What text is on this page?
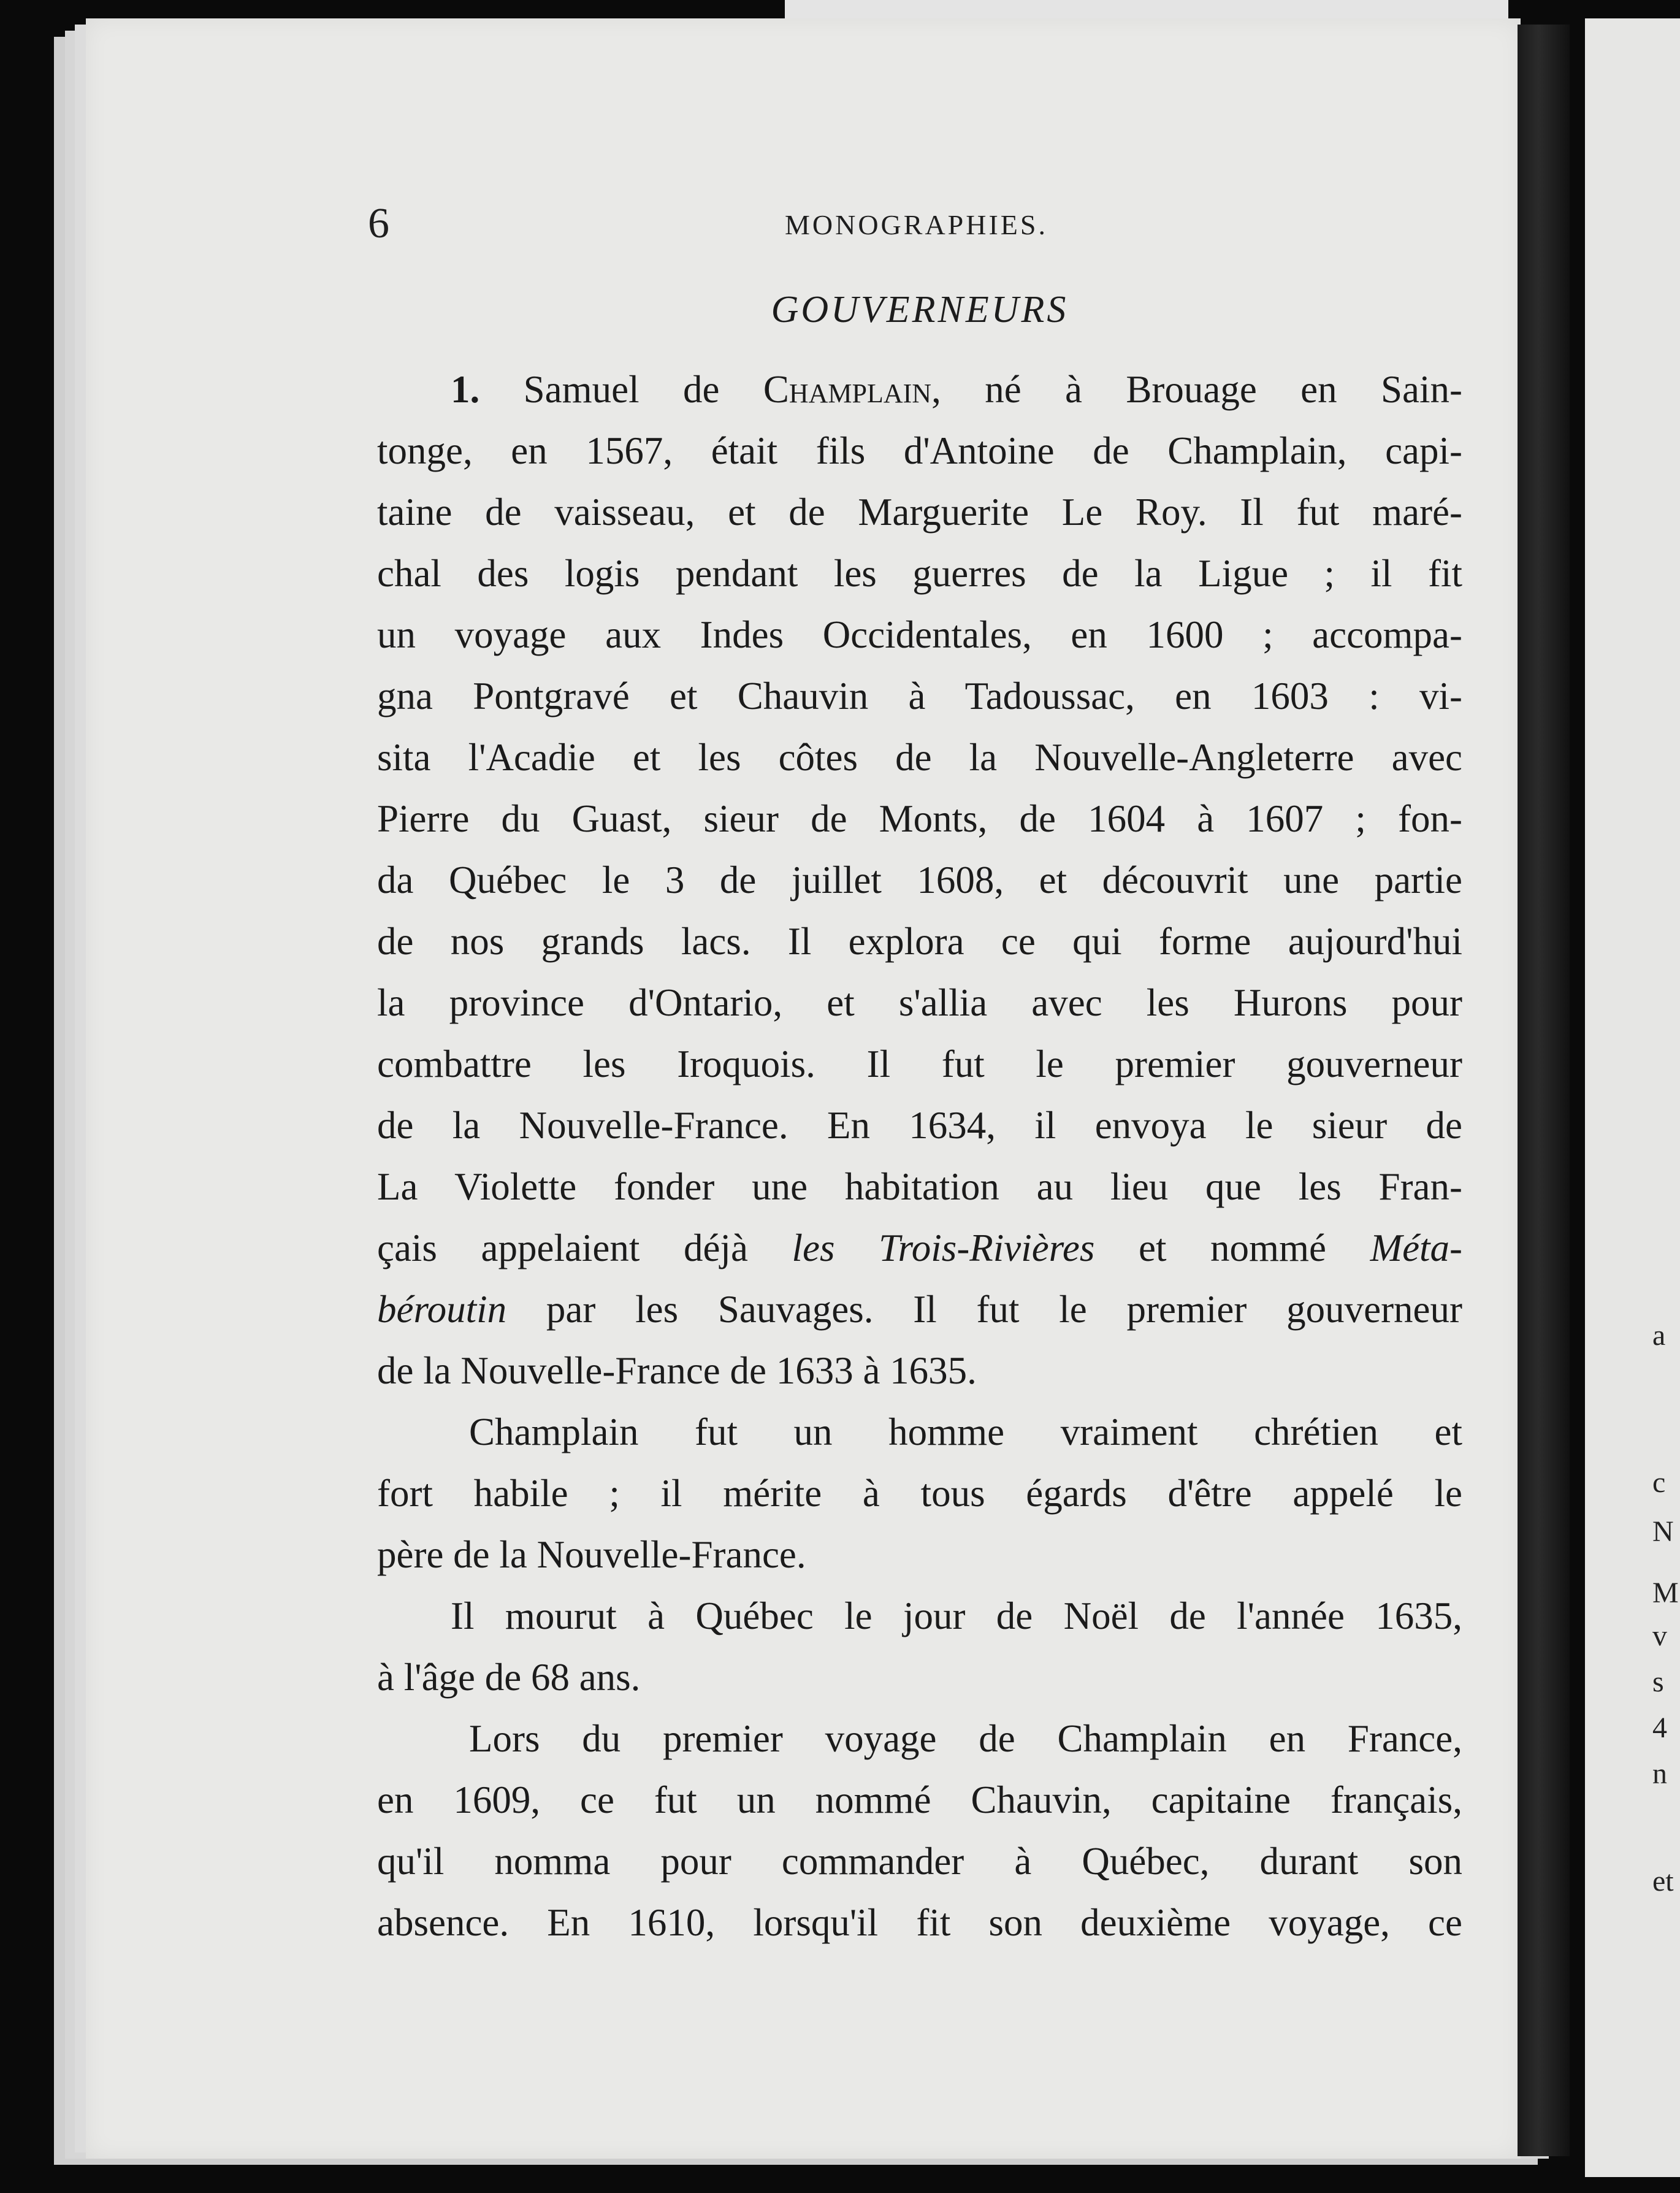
6	MONOGRAPHIES.
GOUVERNEURS
1. Samuel de Champlain, né à Brouage en Sain-
tonge, en 1567, était fils d'Antoine de Champlain, capi-
taine de vaisseau, et de Marguerite Le Roy. Il fut maré-
chal des logis pendant les guerres de la Ligue ; il fit
un voyage aux Indes Occidentales, en 1600 ; accompa-
gna Pontgravé et Chauvin à Tadoussac, en 1603 : vi-
sita l'Acadie et les côtes de la Nouvelle-Angleterre avec
Pierre du Guast, sieur de Monts, de 1604 à 1607 ; fon-
da Québec le 3 de juillet 1608, et découvrit une partie
de nos grands lacs. Il explora ce qui forme aujourd'hui
la province d'Ontario, et s'allia avec les Hurons pour
combattre les Iroquois. Il fut le premier gouverneur
de la Nouvelle-France. En 1634, il envoya le sieur de
La Violette fonder une habitation au lieu que les Fran-
çais appelaient déjà les Trois-Rivières et nommé Méta-
béroutin par les Sauvages. Il fut le premier gouverneur
de la Nouvelle-France de 1633 à 1635.
Champlain fut un homme vraiment chrétien et
fort habile ; il mérite à tous égards d'être appelé le
père de la Nouvelle-France.
Il mourut à Québec le jour de Noël de l'année 1635,
à l'âge de 68 ans.
Lors du premier voyage de Champlain en France,
en 1609, ce fut un nommé Chauvin, capitaine français,
qu'il nomma pour commander à Québec, durant son
absence. En 1610, lorsqu'il fit son deuxième voyage, ce
a
c
N
M
v
s
4
n
et
